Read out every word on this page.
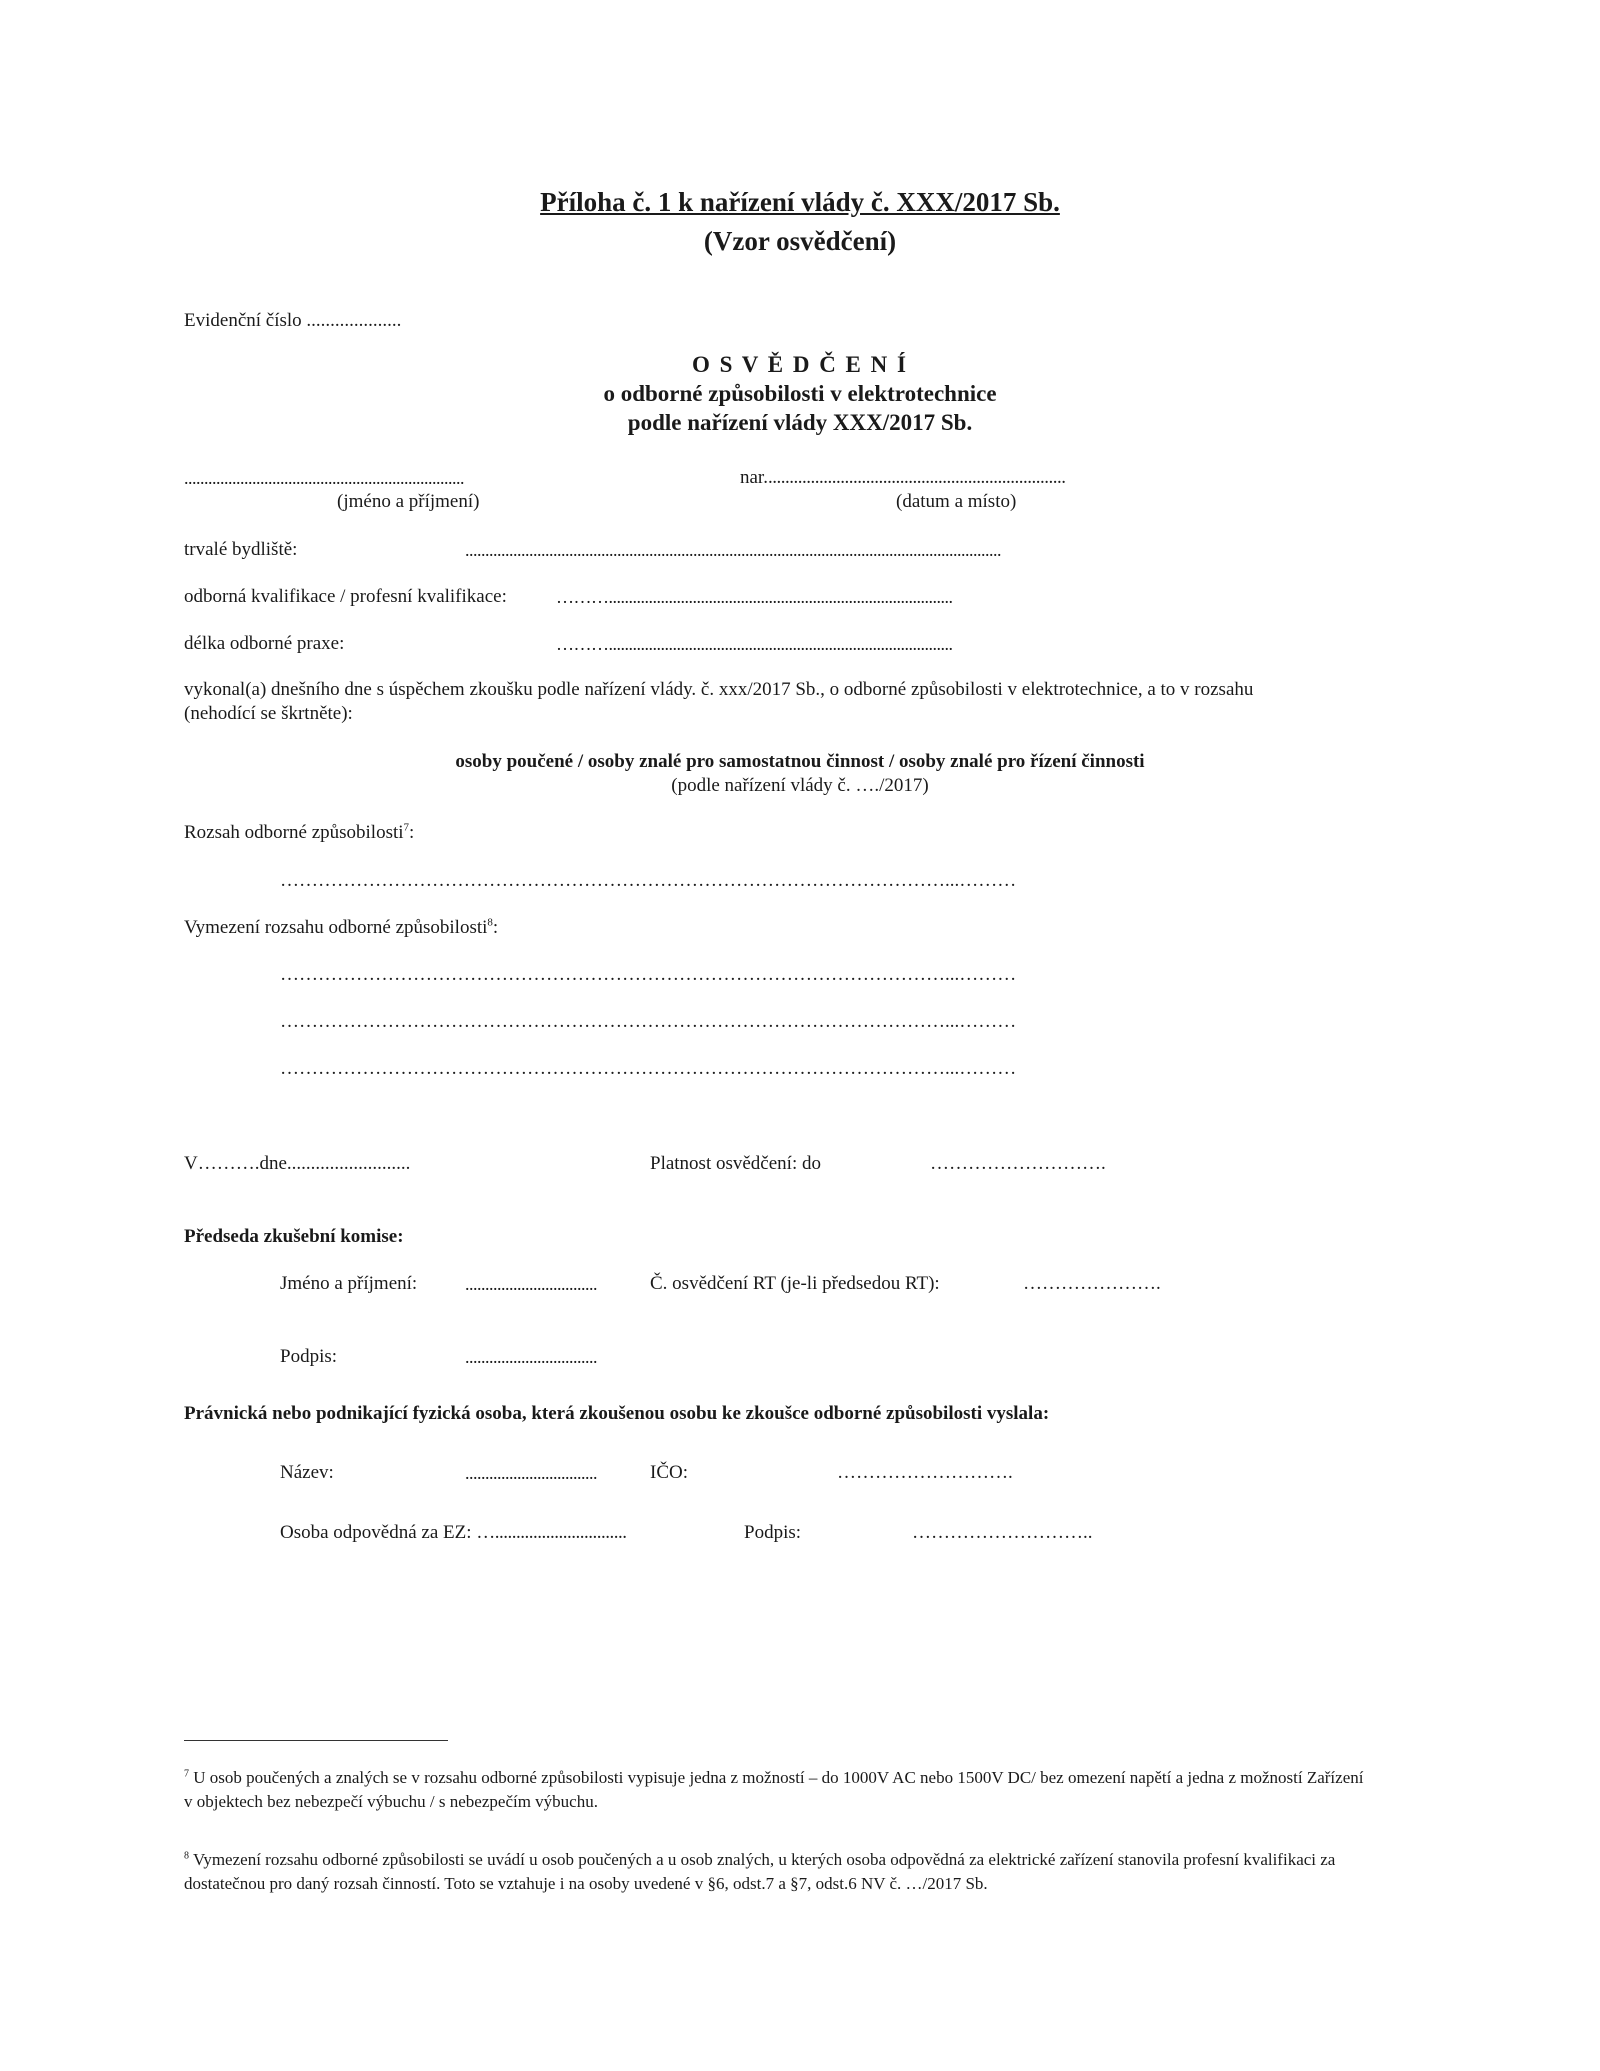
Příloha č. 1 k nařízení vlády č. XXX/2017 Sb.
(Vzor osvědčení)
Evidenční číslo ....................
O S V Ě D Č E N Í
o odborné způsobilosti v elektrotechnice
podle nařízení vlády XXX/2017 Sb.
......................................................................
(jméno a příjmení)
nar.......................................................................
(datum a místo)
trvalé bydliště:	......................................................................................................................................
odborná kvalifikace / profesní kvalifikace:	………......................................................................................
délka odborné praxe:	………......................................................................................
vykonal(a) dnešního dne s úspěchem zkoušku podle nařízení vlády. č. xxx/2017 Sb., o odborné způsobilosti v elektrotechnice, a to v rozsahu
(nehodící se škrtněte):
osoby poučené / osoby znalé pro samostatnou činnost / osoby znalé pro řízení činnosti
(podle nařízení vlády č. …./2017)
Rozsah odborné způsobilosti$^7$:
……………………………………………………………………………………………...………
Vymezení rozsahu odborné způsobilosti$^8$:
……………………………………………………………………………………………...………
……………………………………………………………………………………………...………
……………………………………………………………………………………………...………
V……….dne..........................	Platnost osvědčení: do	……………………….
Předseda zkušební komise:
Jméno a příjmení:	.................................	Č. osvědčení RT (je-li předsedou RT):	………………….
Podpis:	.................................
Právnická nebo podnikající fyzická osoba, která zkoušenou osobu ke zkoušce odborné způsobilosti vyslala:
Název:	.................................	IČO:	……………………….
Osoba odpovědná za EZ: …...............................	Podpis:	………………………..
$^7$ U osob poučených a znalých se v rozsahu odborné způsobilosti vypisuje jedna z možností – do 1000V AC nebo 1500V DC/ bez omezení napětí a jedna z možností Zařízení v objektech bez nebezpečí výbuchu / s nebezpečím výbuchu.
$^8$ Vymezení rozsahu odborné způsobilosti se uvádí u osob poučených a u osob znalých, u kterých osoba odpovědná za elektrické zařízení stanovila profesní kvalifikaci za dostatečnou pro daný rozsah činností. Toto se vztahuje i na osoby uvedené v §6, odst.7 a §7, odst.6 NV č. …/2017 Sb.
